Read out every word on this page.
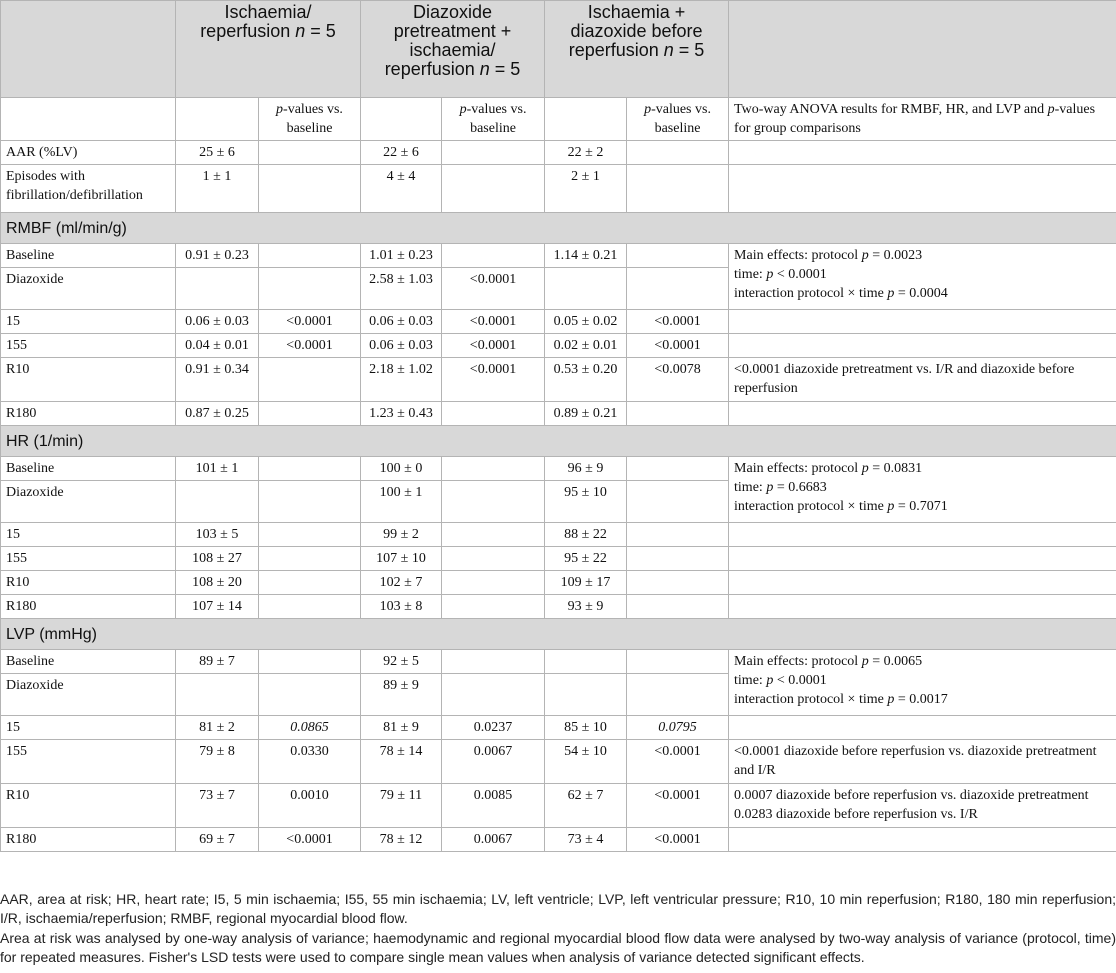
	Ischaemia/ reperfusion n = 5		Diazoxide pretreatment + ischaemia/ reperfusion n = 5		Ischaemia + diazoxide before reperfusion n = 5		
		p-values vs. baseline		p-values vs. baseline		p-values vs. baseline	Two-way ANOVA results for RMBF, HR, and LVP and p-values for group comparisons
AAR (%LV)	25 ± 6		22 ± 6		22 ± 2		
Episodes with fibrillation/defibrillation	1 ± 1		4 ± 4		2 ± 1		
RMBF (ml/min/g)							
Baseline	0.91 ± 0.23		1.01 ± 0.23		1.14 ± 0.21		Main effects: protocol p = 0.0023
time: p < 0.0001
interaction protocol × time p = 0.0004

Diazoxide			2.58 ± 1.03	<0.0001			
15	0.06 ± 0.03	<0.0001	0.06 ± 0.03	<0.0001	0.05 ± 0.02	<0.0001	
155	0.04 ± 0.01	<0.0001	0.06 ± 0.03	<0.0001	0.02 ± 0.01	<0.0001	
R10	0.91 ± 0.34		2.18 ± 1.02	<0.0001	0.53 ± 0.20	<0.0078	<0.0001 diazoxide pretreatment vs. I/R and diazoxide before reperfusion
R180	0.87 ± 0.25		1.23 ± 0.43		0.89 ± 0.21		
HR (1/min)							
Baseline	101 ± 1		100 ± 0		96 ± 9		Main effects: protocol p = 0.0831
time: p = 0.6683
interaction protocol × time p = 0.7071

Diazoxide			100 ± 1		95 ± 10		
15	103 ± 5		99 ± 2		88 ± 22		
155	108 ± 27		107 ± 10		95 ± 22		
R10	108 ± 20		102 ± 7		109 ± 17		
R180	107 ± 14		103 ± 8		93 ± 9		
LVP (mmHg)							
Baseline	89 ± 7		92 ± 5				Main effects: protocol p = 0.0065
time: p < 0.0001
interaction protocol × time p = 0.0017

Diazoxide			89 ± 9				
15	81 ± 2	0.0865	81 ± 9	0.0237	85 ± 10	0.0795	
155	79 ± 8	0.0330	78 ± 14	0.0067	54 ± 10	<0.0001	<0.0001 diazoxide before reperfusion vs. diazoxide pretreatment and I/R
R10	73 ± 7	0.0010	79 ± 11	0.0085	62 ± 7	<0.0001	0.0007 diazoxide before reperfusion vs. diazoxide pretreatment 0.0283 diazoxide before reperfusion vs. I/R
R180	69 ± 7	<0.0001	78 ± 12	0.0067	73 ± 4	<0.0001	

AAR, area at risk; HR, heart rate; I5, 5 min ischaemia; I55, 55 min ischaemia; LV, left ventricle; LVP, left ventricular pressure; R10, 10 min reperfusion; R180, 180 min reperfusion; I/R, ischaemia/reperfusion; RMBF, regional myocardial blood flow.

Area at risk was analysed by one-way analysis of variance; haemodynamic and regional myocardial blood flow data were analysed by two-way analysis of variance (protocol, time) for repeated measures. Fisher's LSD tests were used to compare single mean values when analysis of variance detected significant effects.
